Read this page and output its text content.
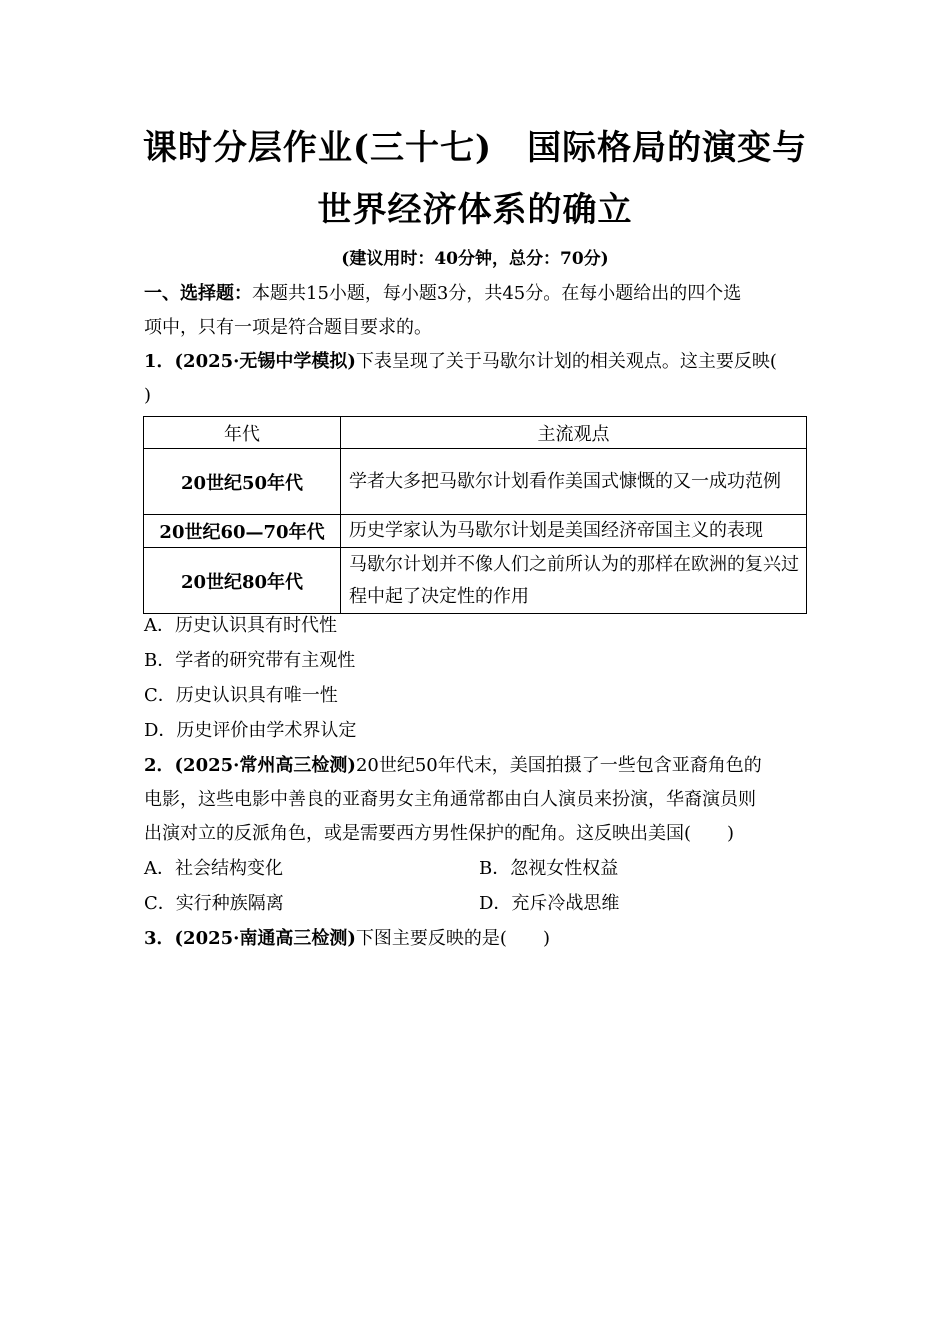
课时分层作业(三十七)　国际格局的演变与
世界经济体系的确立
(建议用时：40分钟，总分：70分)
一、选择题：本题共15小题，每小题3分，共45分。在每小题给出的四个选
项中，只有一项是符合题目要求的。
1．(2025·无锡中学模拟)下表呈现了关于马歇尔计划的相关观点。这主要反映(
)
年代	主流观点
20世纪50年代	学者大多把马歇尔计划看作美国式慷慨的又一成功范例
20世纪60—70年代	历史学家认为马歇尔计划是美国经济帝国主义的表现
20世纪80年代	马歇尔计划并不像人们之前所认为的那样在欧洲的复兴过程中起了决定性的作用
A．历史认识具有时代性
B．学者的研究带有主观性
C．历史认识具有唯一性
D．历史评价由学术界认定
2．(2025·常州高三检测)20世纪50年代末，美国拍摄了一些包含亚裔角色的
电影，这些电影中善良的亚裔男女主角通常都由白人演员来扮演，华裔演员则
出演对立的反派角色，或是需要西方男性保护的配角。这反映出美国(　　)
A．社会结构变化	B．忽视女性权益
C．实行种族隔离	D．充斥冷战思维
3．(2025·南通高三检测)下图主要反映的是(　　)
